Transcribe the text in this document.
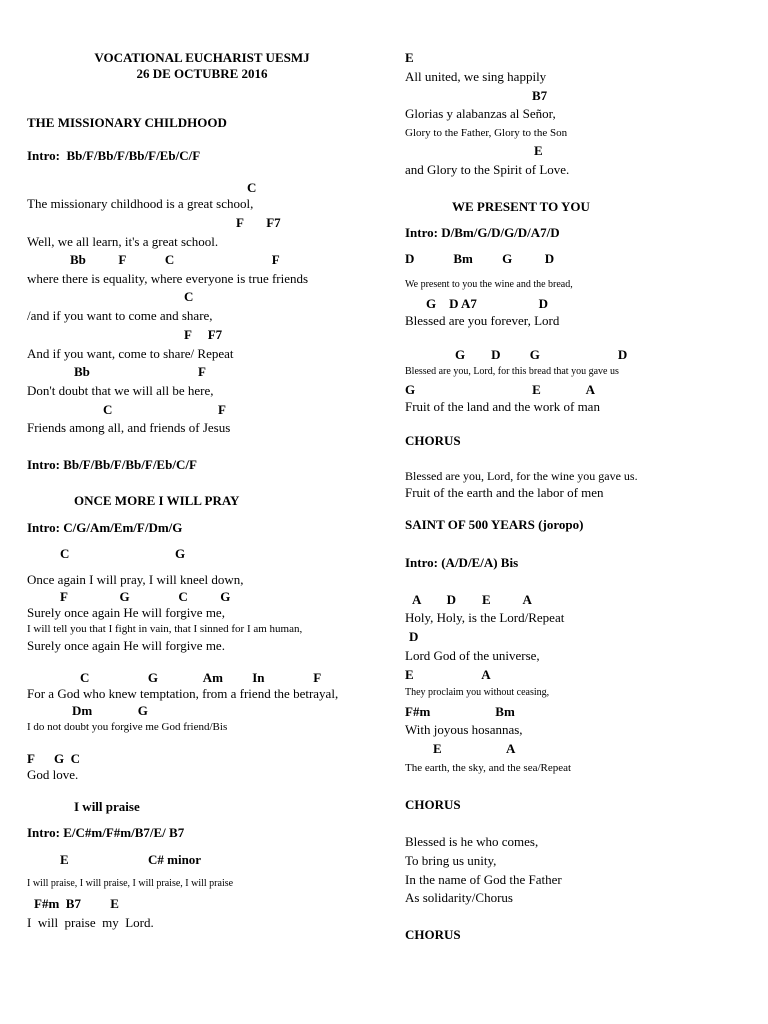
VOCATIONAL EUCHARIST UESMJ
26 DE OCTUBRE 2016
THE MISSIONARY CHILDHOOD
Intro:  Bb/F/Bb/F/Bb/F/Eb/C/F
C
The missionary childhood is a great school,
F       F7
Well, we all learn, it's a great school.
Bb          F            C                              F
where there is equality, where everyone is true friends
C
/and if you want to come and share,
F     F7
And if you want, come to share/ Repeat
Bb	F
Don't doubt that we will all be here,
C	F
Friends among all, and friends of Jesus
Intro: Bb/F/Bb/F/Bb/F/Eb/C/F
ONCE MORE I WILL PRAY
Intro: C/G/Am/Em/F/Dm/G
C	G
Once again I will pray, I will kneel down,
F                G               C          G
Surely once again He will forgive me,
I will tell you that I fight in vain, that I sinned for I am human,
Surely once again He will forgive me.
C                  G              Am         In               F
For a God who knew temptation, from a friend the betrayal,
Dm              G
I do not doubt you forgive me God friend/Bis
F      G  C
God love.
I will praise
Intro: E/C#m/F#m/B7/E/ B7
E	C# minor
I will praise, I will praise, I will praise, I will praise
F#m  B7         E
I  will  praise  my  Lord.
E
All united, we sing happily
B7
Glorias y alabanzas al Señor,
Glory to the Father, Glory to the Son
E
and Glory to the Spirit of Love.
WE PRESENT TO YOU
Intro: D/Bm/G/D/G/D/A7/D
D            Bm         G          D
We present to you the wine and the bread,
G    D A7                   D
Blessed are you forever, Lord
G        D         G                        D
Blessed are you, Lord, for this bread that you gave us
G                                    E              A
Fruit of the land and the work of man
CHORUS
Blessed are you, Lord, for the wine you gave us.
Fruit of the earth and the labor of men
SAINT OF 500 YEARS (joropo)
Intro: (A/D/E/A) Bis
A        D        E          A
Holy, Holy, is the Lord/Repeat
D
Lord God of the universe,
E                     A
They proclaim you without ceasing,
F#m                    Bm
With joyous hosannas,
E                    A
The earth, the sky, and the sea/Repeat
CHORUS
Blessed is he who comes,
To bring us unity,
In the name of God the Father
As solidarity/Chorus
CHORUS
